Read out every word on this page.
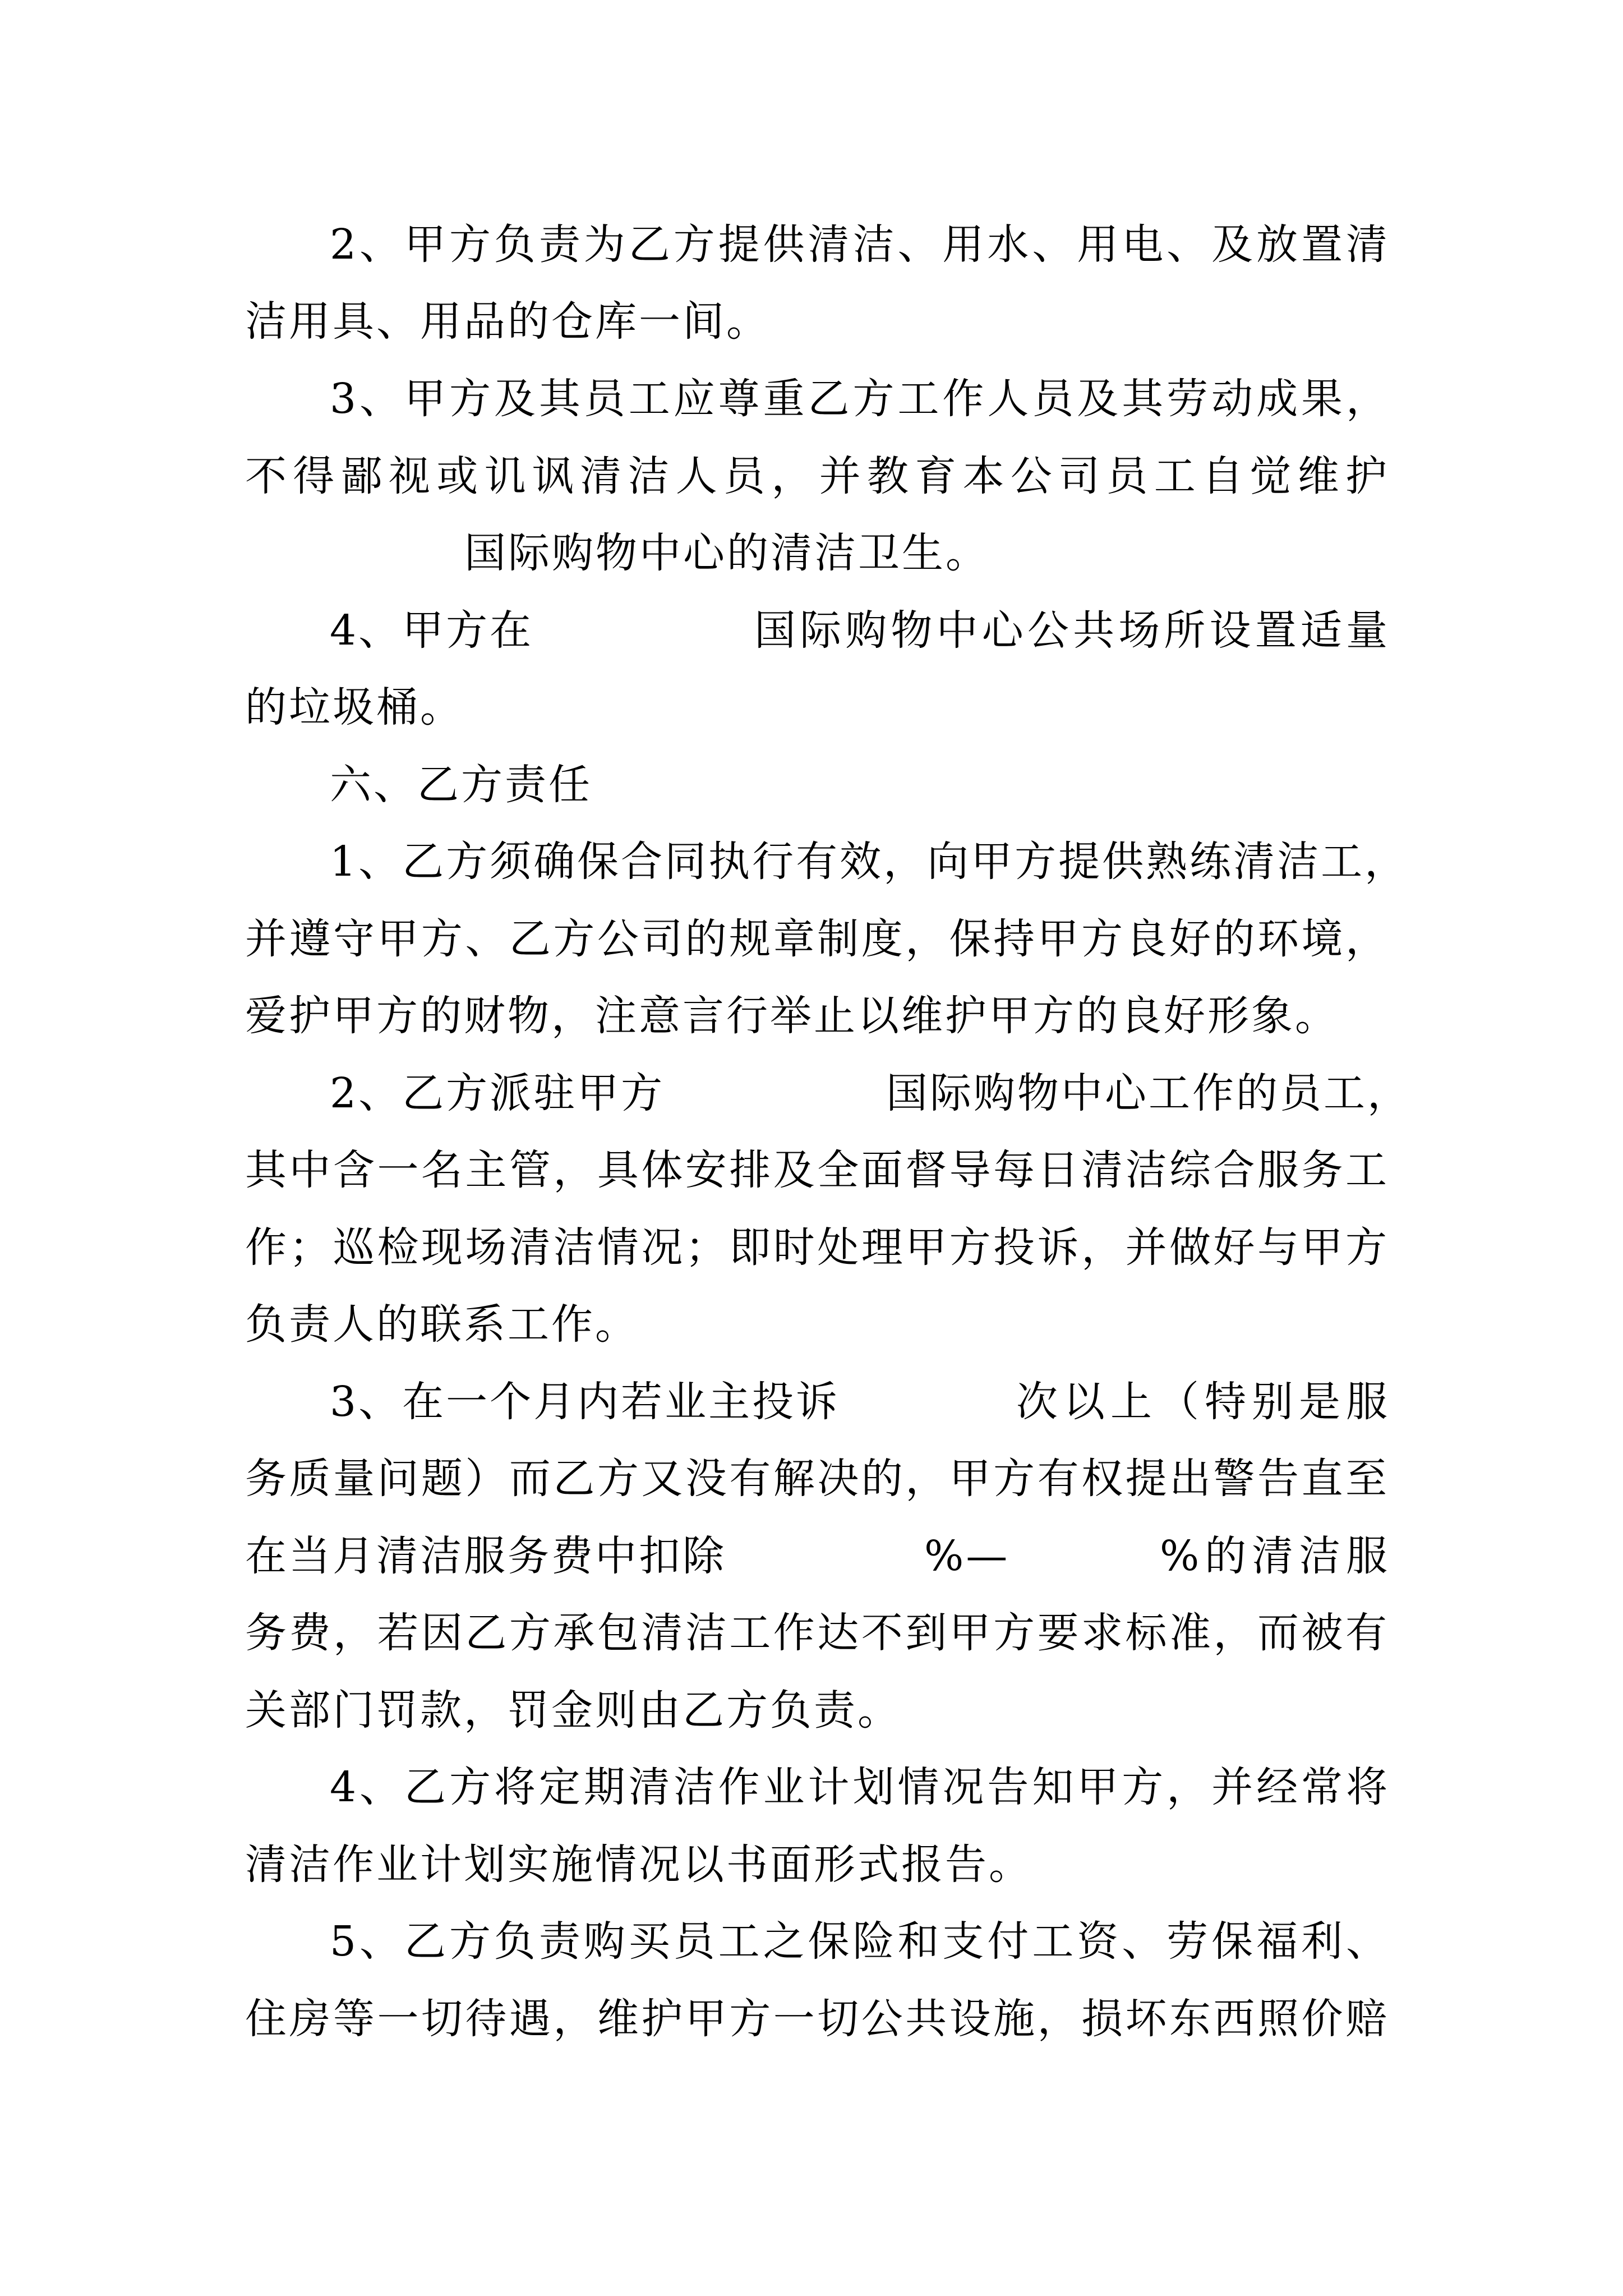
2、甲方负责为乙方提供清洁、用水、用电、及放置清
洁用具、用品的仓库一间。
3、甲方及其员工应尊重乙方工作人员及其劳动成果，
不得鄙视或讥讽清洁人员，并教育本公司员工自觉维护
国际购物中心的清洁卫生。
4、甲方在	国际购物中心公共场所设置适量
的垃圾桶。
六、乙方责任
1、乙方须确保合同执行有效，向甲方提供熟练清洁工，
并遵守甲方、乙方公司的规章制度，保持甲方良好的环境，
爱护甲方的财物，注意言行举止以维护甲方的良好形象。
2、乙方派驻甲方	国际购物中心工作的员工，
其中含一名主管，具体安排及全面督导每日清洁综合服务工
作；巡检现场清洁情况；即时处理甲方投诉，并做好与甲方
负责人的联系工作。
3、在一个月内若业主投诉	次以上（特别是服
务质量问题）而乙方又没有解决的，甲方有权提出警告直至
在当月清洁服务费中扣除	%—	%的清洁服
务费，若因乙方承包清洁工作达不到甲方要求标准，而被有
关部门罚款，罚金则由乙方负责。
4、乙方将定期清洁作业计划情况告知甲方，并经常将
清洁作业计划实施情况以书面形式报告。
5、乙方负责购买员工之保险和支付工资、劳保福利、
住房等一切待遇，维护甲方一切公共设施，损坏东西照价赔
